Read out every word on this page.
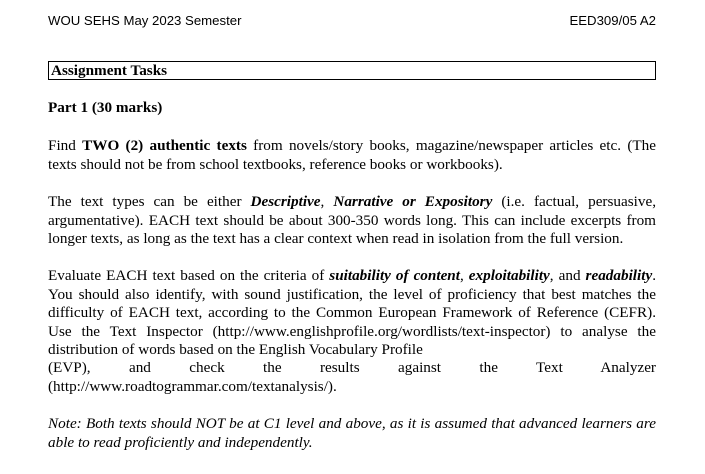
WOU SEHS May 2023 Semester	EED309/05 A2
Assignment Tasks
Part 1 (30 marks)

Find TWO (2) authentic texts from novels/story books, magazine/newspaper articles etc. (The texts should not be from school textbooks, reference books or workbooks).

The text types can be either Descriptive, Narrative or Expository (i.e. factual, persuasive, argumentative). EACH text should be about 300-350 words long. This can include excerpts from longer texts, as long as the text has a clear context when read in isolation from the full version.

Evaluate EACH text based on the criteria of suitability of content, exploitability, and readability. You should also identify, with sound justification, the level of proficiency that best matches the difficulty of EACH text, according to the Common European Framework of Reference (CEFR). Use the Text Inspector (http://www.englishprofile.org/wordlists/text-inspector) to analyse the distribution of words based on the English Vocabulary Profile

(EVP), and check the results against the Text Analyzer

(http://www.roadtogrammar.com/textanalysis/).

Note: Both texts should NOT be at C1 level and above, as it is assumed that advanced learners are able to read proficiently and independently.
